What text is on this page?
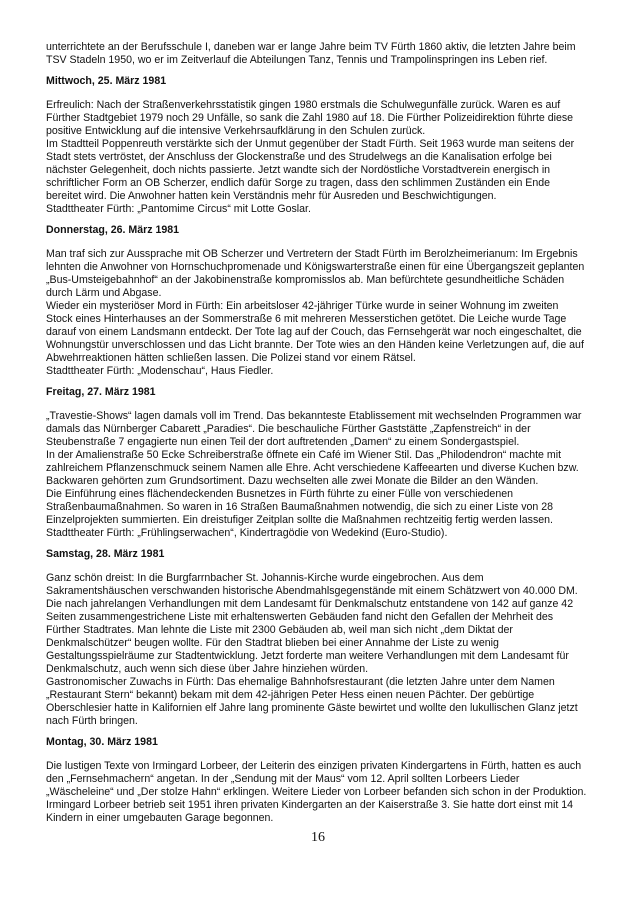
unterrichtete an der Berufsschule I, daneben war er lange Jahre beim TV Fürth 1860 aktiv, die letzten Jahre beim
TSV Stadeln 1950, wo er im Zeitverlauf die Abteilungen Tanz, Tennis und Trampolinspringen ins Leben rief.
Mittwoch, 25. März 1981
Erfreulich: Nach der Straßenverkehrsstatistik gingen 1980 erstmals die Schulwegunfälle zurück. Waren es auf
Fürther Stadtgebiet 1979 noch 29 Unfälle, so sank die Zahl 1980 auf 18. Die Fürther Polizeidirektion führte diese
positive Entwicklung auf die intensive Verkehrsaufklärung in den Schulen zurück.
Im Stadtteil Poppenreuth verstärkte sich der Unmut gegenüber der Stadt Fürth. Seit 1963 wurde man seitens der
Stadt stets vertröstet, der Anschluss der Glockenstraße und des Strudelwegs an die Kanalisation erfolge bei
nächster Gelegenheit, doch nichts passierte. Jetzt wandte sich der Nordöstliche Vorstadtverein energisch in
schriftlicher Form an OB Scherzer, endlich dafür Sorge zu tragen, dass den schlimmen Zuständen ein Ende
bereitet wird. Die Anwohner hatten kein Verständnis mehr für Ausreden und Beschwichtigungen.
Stadttheater Fürth: „Pantomime Circus“ mit Lotte Goslar.
Donnerstag, 26. März 1981
Man traf sich zur Aussprache mit OB Scherzer und Vertretern der Stadt Fürth im Berolzheimerianum: Im Ergebnis
lehnten die Anwohner von Hornschuchpromenade und Königswarterstraße einen für eine Übergangszeit geplanten
„Bus-Umsteigebahnhof“ an der Jakobinenstraße kompromisslos ab. Man befürchtete gesundheitliche Schäden
durch Lärm und Abgase.
Wieder ein mysteriöser Mord in Fürth: Ein arbeitsloser 42-jähriger Türke wurde in seiner Wohnung im zweiten
Stock eines Hinterhauses an der Sommerstraße 6 mit mehreren Messerstichen getötet. Die Leiche wurde Tage
darauf von einem Landsmann entdeckt. Der Tote lag auf der Couch, das Fernsehgerät war noch eingeschaltet, die
Wohnungstür unverschlossen und das Licht brannte. Der Tote wies an den Händen keine Verletzungen auf, die auf
Abwehrreaktionen hätten schließen lassen. Die Polizei stand vor einem Rätsel.
Stadttheater Fürth: „Modenschau“, Haus Fiedler.
Freitag, 27. März 1981
„Travestie-Shows“ lagen damals voll im Trend. Das bekannteste Etablissement mit wechselnden Programmen war
damals das Nürnberger Cabarett „Paradies“. Die beschauliche Fürther Gaststätte „Zapfenstreich“ in der
Steubenstraße 7 engagierte nun einen Teil der dort auftretenden „Damen“ zu einem Sondergastspiel.
In der Amalienstraße 50 Ecke Schreiberstraße öffnete ein Café im Wiener Stil. Das „Philodendron“ machte mit
zahlreichem Pflanzenschmuck seinem Namen alle Ehre. Acht verschiedene Kaffeearten und diverse Kuchen bzw.
Backwaren gehörten zum Grundsortiment. Dazu wechselten alle zwei Monate die Bilder an den Wänden.
Die Einführung eines flächendeckenden Busnetzes in Fürth führte zu einer Fülle von verschiedenen
Straßenbaumaßnahmen. So waren in 16 Straßen Baumaßnahmen notwendig, die sich zu einer Liste von 28
Einzelprojekten summierten. Ein dreistufiger Zeitplan sollte die Maßnahmen rechtzeitig fertig werden lassen.
Stadttheater Fürth: „Frühlingserwachen“, Kindertragödie von Wedekind (Euro-Studio).
Samstag, 28. März 1981
Ganz schön dreist: In die Burgfarrnbacher St. Johannis-Kirche wurde eingebrochen. Aus dem
Sakramentshäuschen verschwanden historische Abendmahlsgegenstände mit einem Schätzwert von 40.000 DM.
Die nach jahrelangen Verhandlungen mit dem Landesamt für Denkmalschutz entstandene von 142 auf ganze 42
Seiten zusammengestrichene Liste mit erhaltenswerten Gebäuden fand nicht den Gefallen der Mehrheit des
Fürther Stadtrates. Man lehnte die Liste mit 2300 Gebäuden ab, weil man sich nicht „dem Diktat der
Denkmalschützer“ beugen wollte. Für den Stadtrat blieben bei einer Annahme der Liste zu wenig
Gestaltungsspielräume zur Stadtentwicklung. Jetzt forderte man weitere Verhandlungen mit dem Landesamt für
Denkmalschutz, auch wenn sich diese über Jahre hinziehen würden.
Gastronomischer Zuwachs in Fürth: Das ehemalige Bahnhofsrestaurant (die letzten Jahre unter dem Namen
„Restaurant Stern“ bekannt) bekam mit dem 42-jährigen Peter Hess einen neuen Pächter. Der gebürtige
Oberschlesier hatte in Kalifornien elf Jahre lang prominente Gäste bewirtet und wollte den lukullischen Glanz jetzt
nach Fürth bringen.
Montag, 30. März 1981
Die lustigen Texte von Irmingard Lorbeer, der Leiterin des einzigen privaten Kindergartens in Fürth, hatten es auch
den „Fernsehmachern“ angetan. In der „Sendung mit der Maus“ vom 12. April sollten Lorbeers Lieder
„Wäscheleine“ und „Der stolze Hahn“ erklingen. Weitere Lieder von Lorbeer befanden sich schon in der Produktion.
Irmingard Lorbeer betrieb seit 1951 ihren privaten Kindergarten an der Kaiserstraße 3. Sie hatte dort einst mit 14
Kindern in einer umgebauten Garage begonnen.
16
